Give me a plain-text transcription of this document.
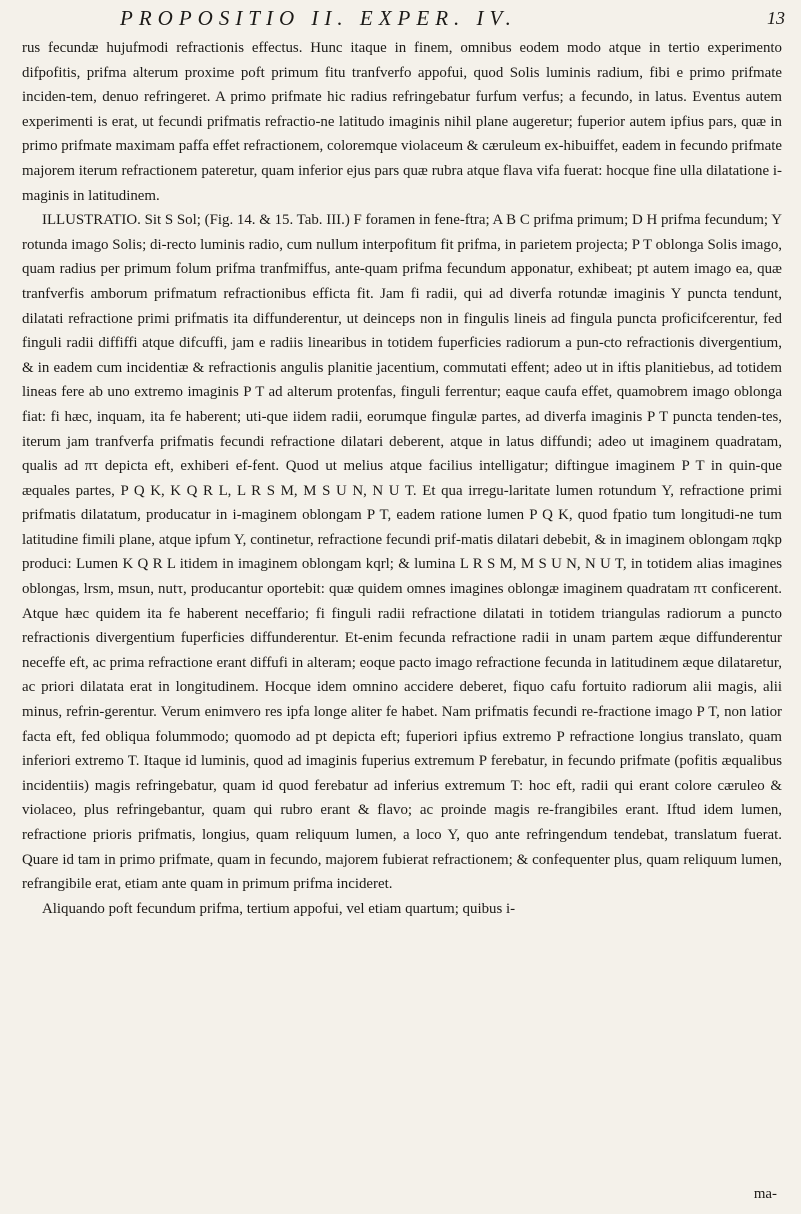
PROPOSITIO II. EXPER. IV.	13

rus fecundæ hujufmodi refractionis effectus. Hunc itaque in finem, omnibus eodem modo atque in tertio experimento difpofitis, prifma alterum proxime poft primum fitu tranfverfo appofui, quod Solis luminis radium, fibi e primo prifmate inciden-tem, denuo refringeret. A primo prifmate hic radius refringebatur furfum verfus; a fecundo, in latus. Eventus autem experimenti is erat, ut fecundi prifmatis refractio-ne latitudo imaginis nihil plane augeretur; fuperior autem ipfius pars, quæ in primo prifmate maximam paffa effet refractionem, coloremque violaceum & cæruleum ex-hibuiffet, eadem in fecundo prifmate majorem iterum refractionem pateretur, quam inferior ejus pars quæ rubra atque flava vifa fuerat: hocque fine ulla dilatatione i-maginis in latitudinem.

ILLUSTRATIO. Sit S Sol; (Fig. 14. & 15. Tab. III.) F foramen in fene-ftra; A B C prifma primum; D H prifma fecundum; Y rotunda imago Solis; di-recto luminis radio, cum nullum interpofitum fit prifma, in parietem projecta; P T oblonga Solis imago, quam radius per primum folum prifma tranfmiffus, ante-quam prifma fecundum apponatur, exhibeat; pt autem imago ea, quæ tranfverfis amborum prifmatum refractionibus efficta fit. Jam fi radii, qui ad diverfa rotundæ imaginis Y puncta tendunt, dilatati refractione primi prifmatis ita diffunderentur, ut deinceps non in fingulis lineis ad fingula puncta proficifcerentur, fed finguli radii diffiffi atque difcuffi, jam e radiis linearibus in totidem fuperficies radiorum a pun-cto refractionis divergentium, & in eadem cum incidentiæ & refractionis angulis planitie jacentium, commutati effent; adeo ut in iftis planitiebus, ad totidem lineas fere ab uno extremo imaginis P T ad alterum protenfas, finguli ferrentur; eaque caufa effet, quamobrem imago oblonga fiat: fi hæc, inquam, ita fe haberent; uti-que iidem radii, eorumque fingulæ partes, ad diverfa imaginis P T puncta tenden-tes, iterum jam tranfverfa prifmatis fecundi refractione dilatari deberent, atque in latus diffundi; adeo ut imaginem quadratam, qualis ad πτ depicta eft, exhiberi ef-fent. Quod ut melius atque facilius intelligatur; diftingue imaginem P T in quin-que æquales partes, P Q K, K Q R L, L R S M, M S U N, N U T. Et qua irregu-laritate lumen rotundum Y, refractione primi prifmatis dilatatum, producatur in i-maginem oblongam P T, eadem ratione lumen P Q K, quod fpatio tum longitudi-ne tum latitudine fimili plane, atque ipfum Y, continetur, refractione fecundi prif-matis dilatari debebit, & in imaginem oblongam πqkp produci: Lumen K Q R L itidem in imaginem oblongam kqrl; & lumina L R S M, M S U N, N U T, in totidem alias imagines oblongas, lrsm, msun, nutτ, producantur oportebit: quæ quidem omnes imagines oblongæ imaginem quadratam πτ conficerent. Atque hæc quidem ita fe haberent neceffario; fi finguli radii refractione dilatati in totidem triangulas radiorum a puncto refractionis divergentium fuperficies diffunderentur. Et-enim fecunda refractione radii in unam partem æque diffunderentur neceffe eft, ac prima refractione erant diffufi in alteram; eoque pacto imago refractione fecunda in latitudinem æque dilataretur, ac priori dilatata erat in longitudinem. Hocque idem omnino accidere deberet, fiquo cafu fortuito radiorum alii magis, alii minus, refrin-gerentur. Verum enimvero res ipfa longe aliter fe habet. Nam prifmatis fecundi re-fractione imago P T, non latior facta eft, fed obliqua folummodo; quomodo ad pt depicta eft; fuperiori ipfius extremo P refractione longius translato, quam inferiori extremo T. Itaque id luminis, quod ad imaginis fuperius extremum P ferebatur, in fecundo prifmate (pofitis æqualibus incidentiis) magis refringebatur, quam id quod ferebatur ad inferius extremum T: hoc eft, radii qui erant colore cæruleo & violaceo, plus refringebantur, quam qui rubro erant & flavo; ac proinde magis re-frangibiles erant. Iftud idem lumen, refractione prioris prifmatis, longius, quam reliquum lumen, a loco Y, quo ante refringendum tendebat, translatum fuerat. Quare id tam in primo prifmate, quam in fecundo, majorem fubierat refractionem; & confequenter plus, quam reliquum lumen, refrangibile erat, etiam ante quam in primum prifma incideret.

Aliquando poft fecundum prifma, tertium appofui, vel etiam quartum; quibus i-

ma-
